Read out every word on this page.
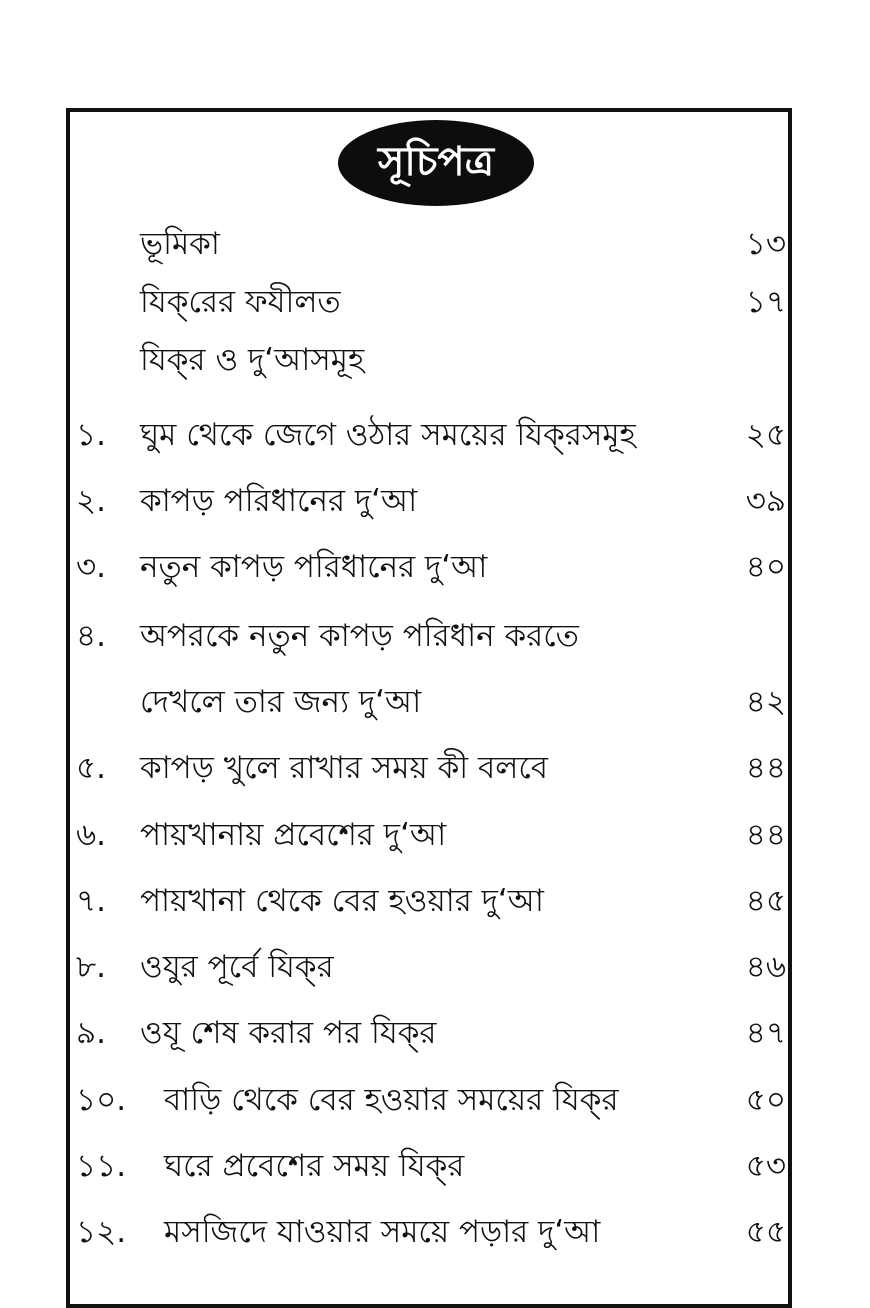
সূচিপত্র
ভূমিকা	১৩
যিক্‌রের ফযীলত	১৭
যিক্‌র ও দু‘আসমূহ
১.	ঘুম থেকে জেগে ওঠার সময়ের যিক্‌রসমূহ	২৫
২.	কাপড় পরিধানের দু‘আ	৩৯
৩.	নতুন কাপড় পরিধানের দু‘আ	৪০
৪.	অপরকে নতুন কাপড় পরিধান করতে
দেখলে তার জন্য দু‘আ	৪২
৫.	কাপড় খুলে রাখার সময় কী বলবে	৪৪
৬.	পায়খানায় প্রবেশের দু‘আ	৪৪
৭.	পায়খানা থেকে বের হওয়ার দু‘আ	৪৫
৮.	ওযুর পূর্বে যিক্‌র	৪৬
৯.	ওযূ শেষ করার পর যিক্‌র	৪৭
১০.	বাড়ি থেকে বের হওয়ার সময়ের যিক্‌র	৫০
১১.	ঘরে প্রবেশের সময় যিক্‌র	৫৩
১২.	মসজিদে যাওয়ার সময়ে পড়ার দু‘আ	৫৫
